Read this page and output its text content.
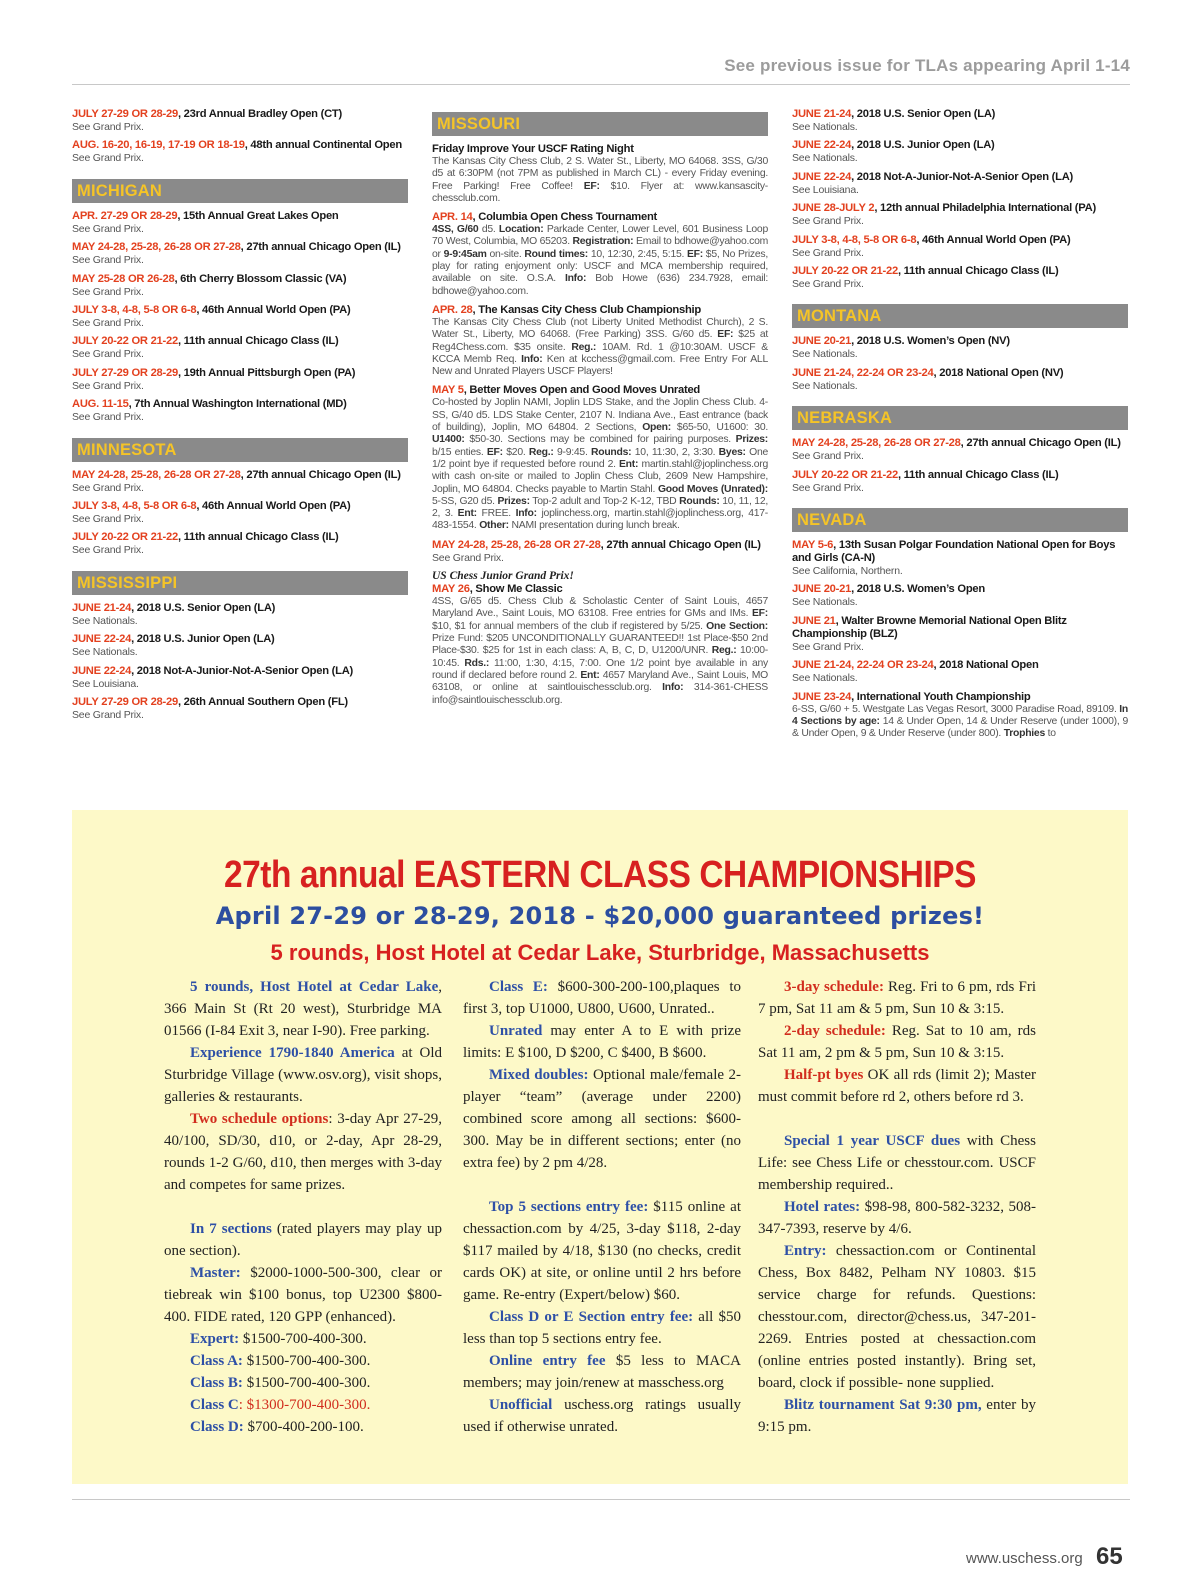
See previous issue for TLAs appearing April 1-14
JULY 27-29 OR 28-29, 23rd Annual Bradley Open (CT)
See Grand Prix.
AUG. 16-20, 16-19, 17-19 OR 18-19, 48th annual Continental Open
See Grand Prix.
MICHIGAN
APR. 27-29 OR 28-29, 15th Annual Great Lakes Open
See Grand Prix.
MAY 24-28, 25-28, 26-28 OR 27-28, 27th annual Chicago Open (IL)
See Grand Prix.
MAY 25-28 OR 26-28, 6th Cherry Blossom Classic (VA)
See Grand Prix.
JULY 3-8, 4-8, 5-8 OR 6-8, 46th Annual World Open (PA)
See Grand Prix.
JULY 20-22 OR 21-22, 11th annual Chicago Class (IL)
See Grand Prix.
JULY 27-29 OR 28-29, 19th Annual Pittsburgh Open (PA)
See Grand Prix.
AUG. 11-15, 7th Annual Washington International (MD)
See Grand Prix.
MINNESOTA
MAY 24-28, 25-28, 26-28 OR 27-28, 27th annual Chicago Open (IL)
See Grand Prix.
JULY 3-8, 4-8, 5-8 OR 6-8, 46th Annual World Open (PA)
See Grand Prix.
JULY 20-22 OR 21-22, 11th annual Chicago Class (IL)
See Grand Prix.
MISSISSIPPI
JUNE 21-24, 2018 U.S. Senior Open (LA)
See Nationals.
JUNE 22-24, 2018 U.S. Junior Open (LA)
See Nationals.
JUNE 22-24, 2018 Not-A-Junior-Not-A-Senior Open (LA)
See Louisiana.
JULY 27-29 OR 28-29, 26th Annual Southern Open (FL)
See Grand Prix.
MISSOURI
Friday Improve Your USCF Rating Night
The Kansas City Chess Club, 2 S. Water St., Liberty, MO 64068. 3SS, G/30 d5 at 6:30PM (not 7PM as published in March CL) - every Friday evening. Free Parking! Free Coffee! EF: $10. Flyer at: www.kansascity-chessclub.com.
APR. 14, Columbia Open Chess Tournament
4SS, G/60 d5. Location: Parkade Center, Lower Level, 601 Business Loop 70 West, Columbia, MO 65203. Registration: Email to bdhowe@yahoo.com or 9-9:45am on-site. Round times: 10, 12:30, 2:45, 5:15. EF: $5, No Prizes, play for rating enjoyment only: USCF and MCA membership required, available on site. O.S.A. Info: Bob Howe (636) 234.7928, email: bdhowe@yahoo.com.
APR. 28, The Kansas City Chess Club Championship
The Kansas City Chess Club (not Liberty United Methodist Church), 2 S. Water St., Liberty, MO 64068. (Free Parking) 3SS. G/60 d5. EF: $25 at Reg4Chess.com. $35 onsite. Reg.: 10AM. Rd. 1 @10:30AM. USCF & KCCA Memb Req. Info: Ken at kcchess@gmail.com. Free Entry For ALL New and Unrated Players USCF Players!
MAY 5, Better Moves Open and Good Moves Unrated
Co-hosted by Joplin NAMI, Joplin LDS Stake, and the Joplin Chess Club. 4-SS, G/40 d5. LDS Stake Center, 2107 N. Indiana Ave., East entrance (back of building), Joplin, MO 64804. 2 Sections, Open: $65-50, U1600: 30. U1400: $50-30. Sections may be combined for pairing purposes. Prizes: b/15 enties. EF: $20. Reg.: 9-9:45. Rounds: 10, 11:30, 2, 3:30. Byes: One 1/2 point bye if requested before round 2. Ent: martin.stahl@joplinchess.org with cash on-site or mailed to Joplin Chess Club, 2609 New Hampshire, Joplin, MO 64804. Checks payable to Martin Stahl. Good Moves (Unrated): 5-SS, G20 d5. Prizes: Top-2 adult and Top-2 K-12, TBD Rounds: 10, 11, 12, 2, 3. Ent: FREE. Info: joplinchess.org, martin.stahl@joplinchess.org, 417-483-1554. Other: NAMI presentation during lunch break.
MAY 24-28, 25-28, 26-28 OR 27-28, 27th annual Chicago Open (IL)
See Grand Prix.
US Chess Junior Grand Prix!
MAY 26, Show Me Classic
4SS, G/65 d5. Chess Club & Scholastic Center of Saint Louis, 4657 Maryland Ave., Saint Louis, MO 63108. Free entries for GMs and IMs. EF: $10, $1 for annual members of the club if registered by 5/25. One Section: Prize Fund: $205 UNCONDITIONALLY GUARANTEED!! 1st Place-$50 2nd Place-$30. $25 for 1st in each class: A, B, C, D, U1200/UNR. Reg.: 10:00-10:45. Rds.: 11:00, 1:30, 4:15, 7:00. One 1/2 point bye available in any round if declared before round 2. Ent: 4657 Maryland Ave., Saint Louis, MO 63108, or online at saintlouischessclub.org. Info: 314-361-CHESS info@saintlouischessclub.org.
JUNE 21-24, 2018 U.S. Senior Open (LA)
See Nationals.
JUNE 22-24, 2018 U.S. Junior Open (LA)
See Nationals.
JUNE 22-24, 2018 Not-A-Junior-Not-A-Senior Open (LA)
See Louisiana.
JUNE 28-JULY 2, 12th annual Philadelphia International (PA)
See Grand Prix.
JULY 3-8, 4-8, 5-8 OR 6-8, 46th Annual World Open (PA)
See Grand Prix.
JULY 20-22 OR 21-22, 11th annual Chicago Class (IL)
See Grand Prix.
MONTANA
JUNE 20-21, 2018 U.S. Women’s Open (NV)
See Nationals.
JUNE 21-24, 22-24 OR 23-24, 2018 National Open (NV)
See Nationals.
NEBRASKA
MAY 24-28, 25-28, 26-28 OR 27-28, 27th annual Chicago Open (IL)
See Grand Prix.
JULY 20-22 OR 21-22, 11th annual Chicago Class (IL)
See Grand Prix.
NEVADA
MAY 5-6, 13th Susan Polgar Foundation National Open for Boys and Girls (CA-N)
See California, Northern.
JUNE 20-21, 2018 U.S. Women’s Open
See Nationals.
JUNE 21, Walter Browne Memorial National Open Blitz Championship (BLZ)
See Grand Prix.
JUNE 21-24, 22-24 OR 23-24, 2018 National Open
See Nationals.
JUNE 23-24, International Youth Championship
6-SS, G/60 + 5. Westgate Las Vegas Resort, 3000 Paradise Road, 89109. In 4 Sections by age: 14 & Under Open, 14 & Under Reserve (under 1000), 9 & Under Open, 9 & Under Reserve (under 800). Trophies to
27th annual EASTERN CLASS CHAMPIONSHIPS
April 27-29 or 28-29, 2018 - $20,000 guaranteed prizes!
5 rounds, Host Hotel at Cedar Lake, Sturbridge, Massachusetts

5 rounds, Host Hotel at Cedar Lake, 366 Main St (Rt 20 west), Sturbridge MA 01566 (I-84 Exit 3, near I-90). Free parking.

Experience 1790-1840 America at Old Sturbridge Village (www.osv.org), visit shops, galleries & restaurants.

Two schedule options: 3-day Apr 27-29, 40/100, SD/30, d10, or 2-day, Apr 28-29, rounds 1-2 G/60, d10, then merges with 3-day and competes for same prizes.

In 7 sections (rated players may play up one section).

Master: $2000-1000-500-300, clear or tiebreak win $100 bonus, top U2300 $800-400. FIDE rated, 120 GPP (enhanced).

Expert: $1500-700-400-300.

Class A: $1500-700-400-300.

Class B: $1500-700-400-300.

Class C: $1300-700-400-300.

Class D: $700-400-200-100.

Class E: $600-300-200-100,plaques to first 3, top U1000, U800, U600, Unrated..

Unrated may enter A to E with prize limits: E $100, D $200, C $400, B $600.

Mixed doubles: Optional male/female 2-player “team” (average under 2200) combined score among all sections: $600-300. May be in different sections; enter (no extra fee) by 2 pm 4/28.

Top 5 sections entry fee: $115 online at chessaction.com by 4/25, 3-day $118, 2-day $117 mailed by 4/18, $130 (no checks, credit cards OK) at site, or online until 2 hrs before game. Re-entry (Expert/below) $60.

Class D or E Section entry fee: all $50 less than top 5 sections entry fee.

Online entry fee $5 less to MACA members; may join/renew at masschess.org

Unofficial uschess.org ratings usually used if otherwise unrated.

3-day schedule: Reg. Fri to 6 pm, rds Fri 7 pm, Sat 11 am & 5 pm, Sun 10 & 3:15.

2-day schedule: Reg. Sat to 10 am, rds Sat 11 am, 2 pm & 5 pm, Sun 10 & 3:15.

Half-pt byes OK all rds (limit 2); Master must commit before rd 2, others before rd 3.

Special 1 year USCF dues with Chess Life: see Chess Life or chesstour.com. USCF membership required..

Hotel rates: $98-98, 800-582-3232, 508-347-7393, reserve by 4/6.

Entry: chessaction.com or Continental Chess, Box 8482, Pelham NY 10803. $15 service charge for refunds. Questions: chesstour.com, director@chess.us, 347-201-2269. Entries posted at chessaction.com (online entries posted instantly). Bring set, board, clock if possible- none supplied.

Blitz tournament Sat 9:30 pm, enter by 9:15 pm.

www.uschess.org 65
